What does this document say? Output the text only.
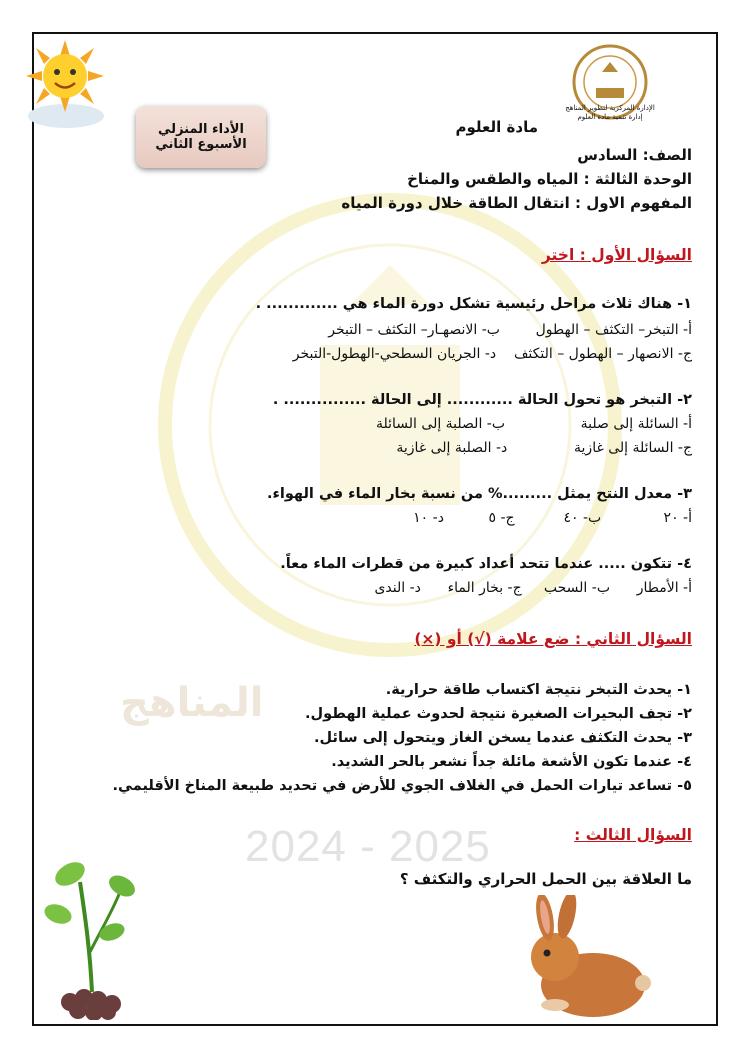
المناهج
2024 - 2025
الأداء المنزلي
الأسبوع الثاني
الإدارة المركزية لتطوير المناهج
إدارة تنمية مادة العلوم
مادة العلوم
الصف: السادس
الوحدة الثالثة : المياه والطقس والمناخ
المفهوم الاول : انتقال الطاقة خلال دورة المياه
السؤال الأول : اختر
١- هناك ثلاث مراحل رئيسية تشكل دورة الماء هي ............. .
أ- التبخر– التكثف – الهطول        ب- الانصهـار– التكثف – التبخر
ج- الانصهار – الهطول – التكثف    د- الجريان السطحي-الهطول-التبخر
٢- التبخر هو تحول الحالة ............ إلى الحالة ............... .
أ- السائلة إلى صلبة                 ب- الصلبة إلى السائلة
ج- السائلة إلى غازية               د- الصلبة إلى غازية
٣- معدل النتح يمثل .........% من نسبة بخار الماء في الهواء.
أ- ٢٠              ب- ٤٠           ج- ٥          د- ١٠
٤- تتكون ..... عندما تتحد أعداد كبيرة من قطرات الماء معاً.
أ- الأمطار      ب- السحب     ج- بخار الماء      د- الندى
السؤال الثاني : ضع علامة (√) أو (×)
١- يحدث التبخر نتيجة اكتساب طاقة حرارية.
٢- تجف البحيرات الصغيرة نتيجة لحدوث عملية الهطول.
٣- يحدث التكثف عندما يسخن الغاز ويتحول إلى سائل.
٤- عندما تكون الأشعة مائلة جداً نشعر بالحر الشديد.
٥- تساعد تيارات الحمل في الغلاف الجوي للأرض في تحديد طبيعة المناخ الأقليمي.
السؤال الثالث :
ما العلاقة بين الحمل الحراري والتكثف ؟
